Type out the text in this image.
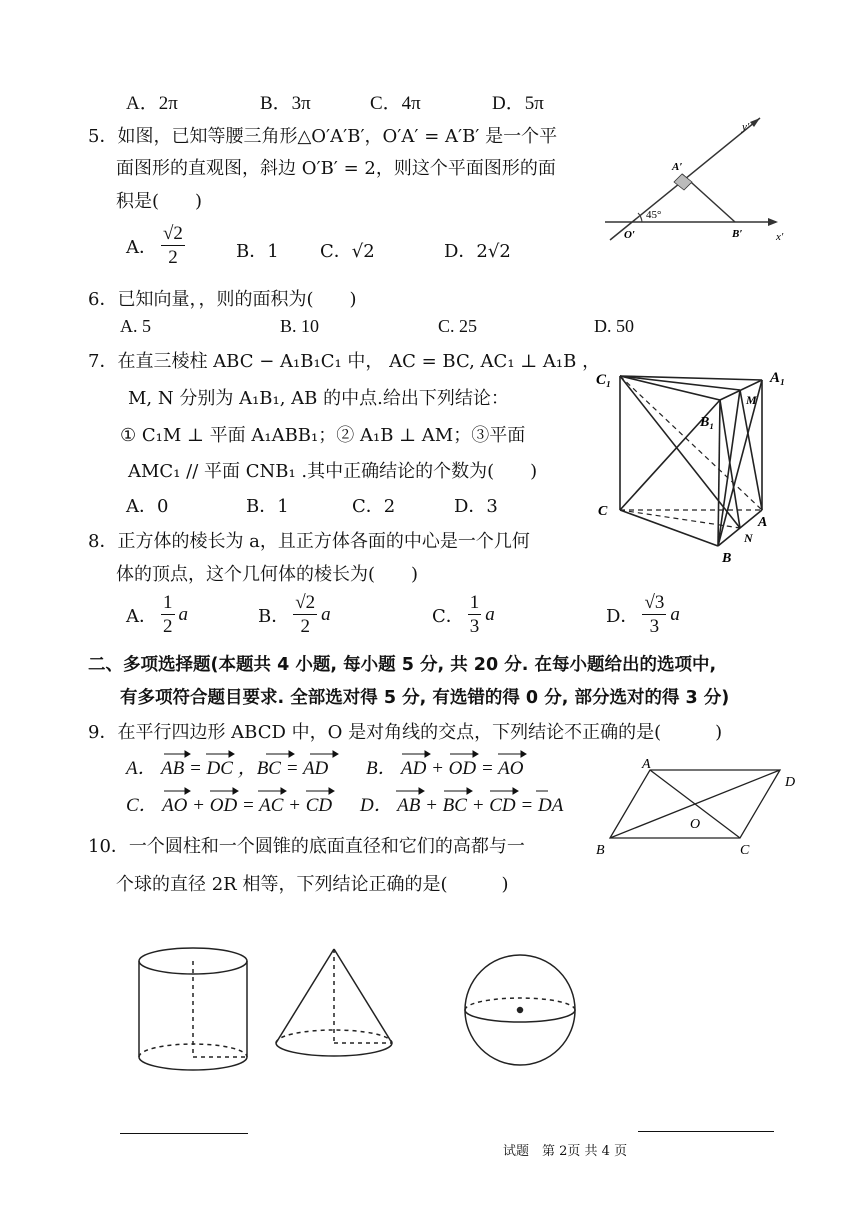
A．2π	B．3π	C．4π	D．5π
5．如图，已知等腰三角形△O′A′B′，O′A′ = A′B′ 是一个平
面图形的直观图，斜边 O′B′ = 2，则这个平面图形的面
积是(　　)
A． $\frac{√2}{2}$	B．1 C．√2	D．2√2
y′
A′
45°
O′	B′	x′
6．已知向量，，则的面积为(　　)
A. 5	B. 10	C. 25	D. 50
7．在直三棱柱 ABC − A₁B₁C₁ 中， AC = BC, AC₁ ⊥ A₁B ，
M, N 分别为 A₁B₁, AB 的中点.给出下列结论：
① C₁M ⊥ 平面 A₁ABB₁；② A₁B ⊥ AM；③平面
AMC₁ // 平面 CNB₁ .其中正确结论的个数为(　　)
A．0	B．1	C．2	D．3
C₁	A₁
M
B₁
C
A
N
B
8．正方体的棱长为 a，且正方体各面的中心是一个几何
体的顶点，这个几何体的棱长为(　　)
A． $\frac{1}{2}$ a	B． $\frac{√2}{2}$ a	C． $\frac{1}{3}$ a	D． $\frac{√3}{3}$ a
二、多项选择题(本题共 4 小题, 每小题 5 分, 共 20 分. 在每小题给出的选项中,
有多项符合题目要求. 全部选对得 5 分, 有选错的得 0 分, 部分选对的得 3 分)
9．在平行四边形 ABCD 中，O 是对角线的交点，下列结论不正确的是(　　　)
A． AB = DC ，BC = AD B． AD + OD = AO
C． AO + OD = AC + CD D． AB + BC + CD = DA
A
D
O
B	C
10．一个圆柱和一个圆锥的底面直径和它们的高都与一
个球的直径 2R 相等，下列结论正确的是(　　　)
试题　第 2页 共 4 页
